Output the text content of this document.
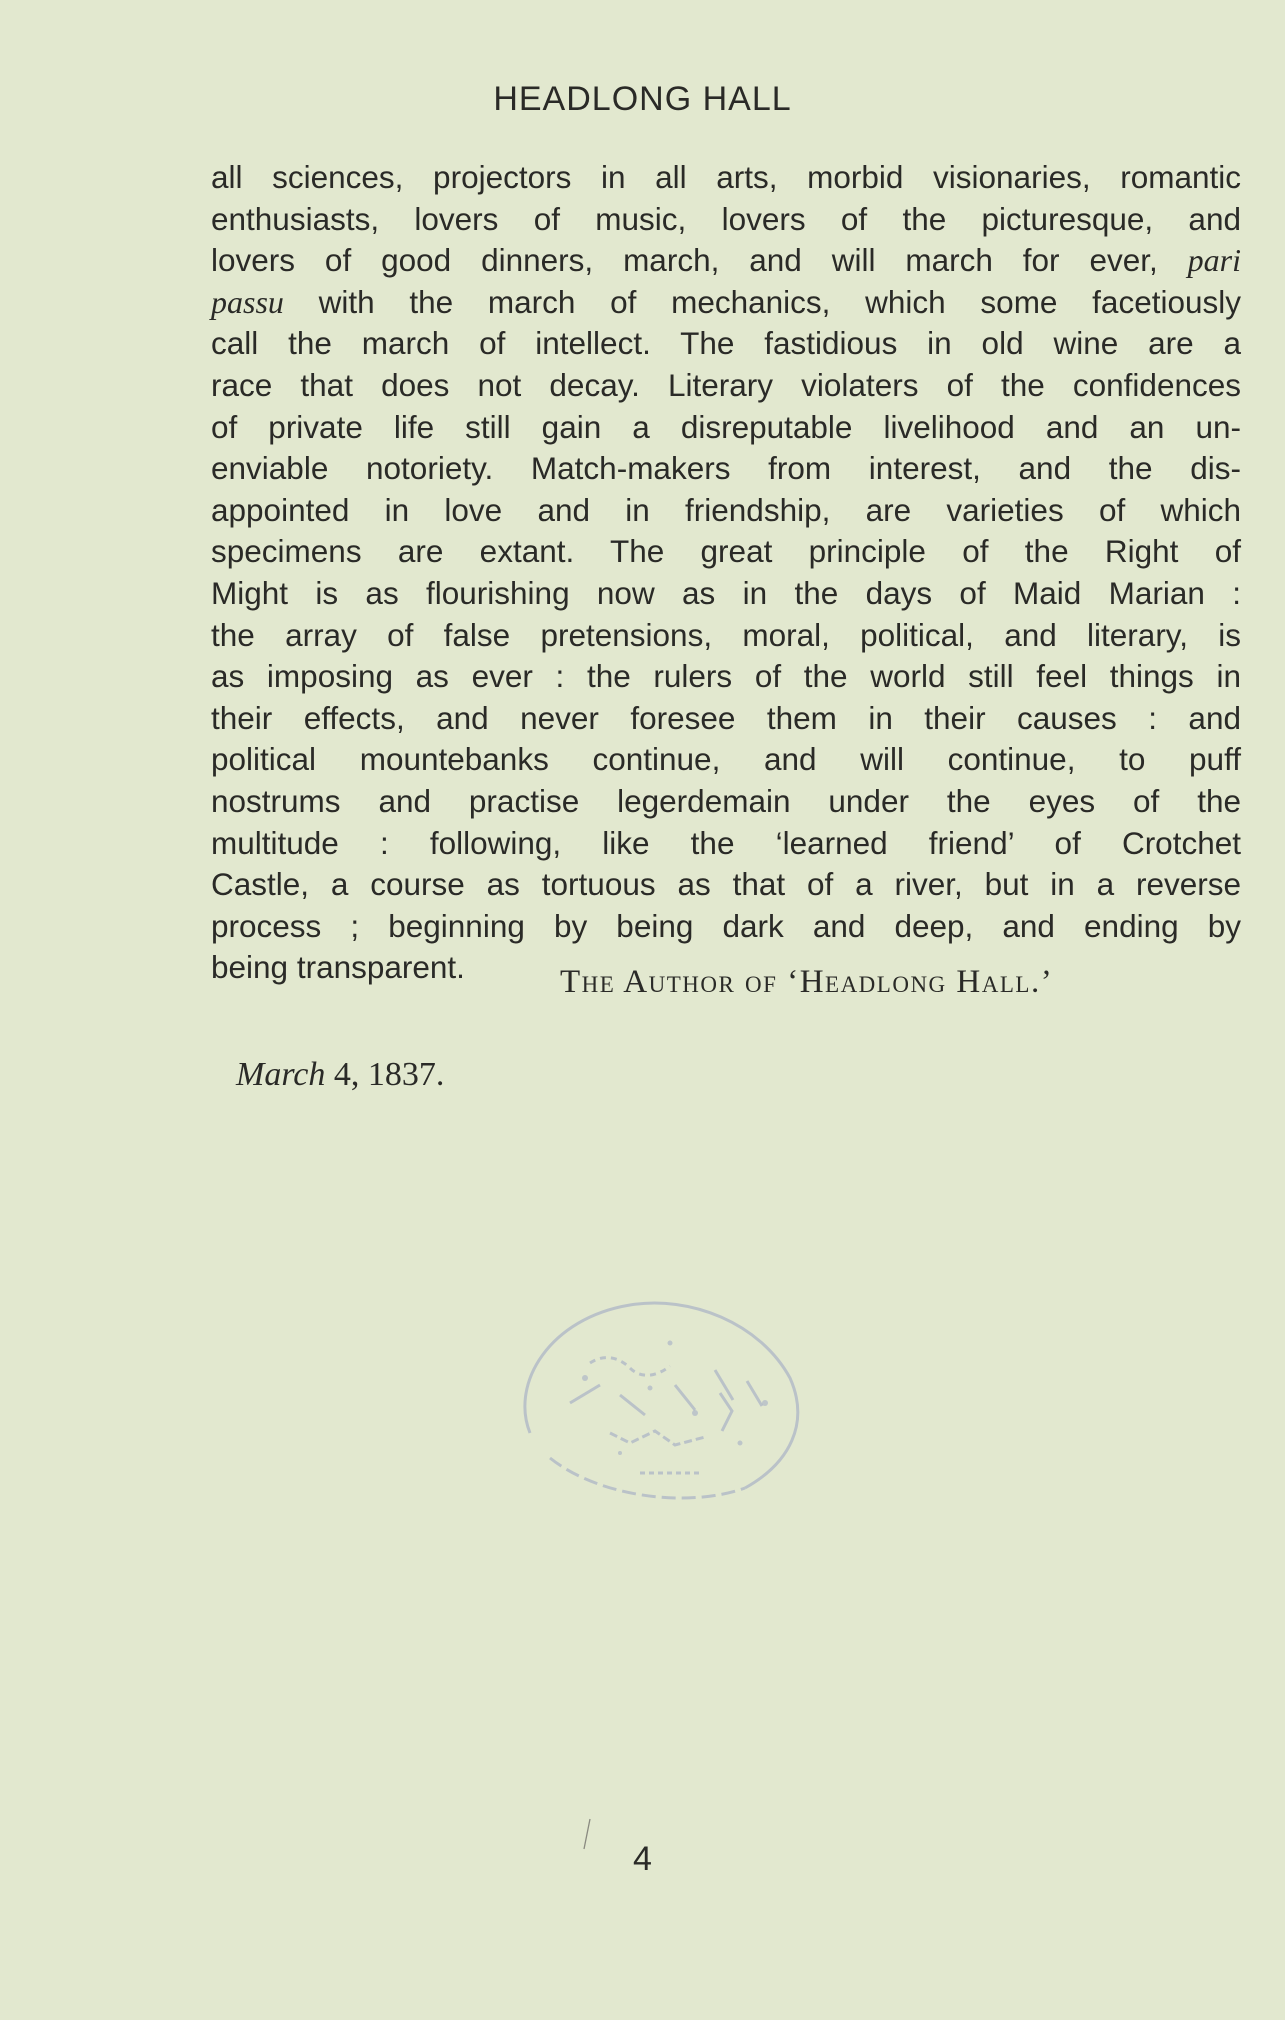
HEADLONG HALL
all sciences, projectors in all arts, morbid visionaries, romantic
enthusiasts, lovers of music, lovers of the picturesque, and
lovers of good dinners, march, and will march for ever, pari
passu with the march of mechanics, which some facetiously
call the march of intellect. The fastidious in old wine are a
race that does not decay. Literary violaters of the confidences
of private life still gain a disreputable livelihood and an un-
enviable notoriety. Match-makers from interest, and the dis-
appointed in love and in friendship, are varieties of which
specimens are extant. The great principle of the Right of
Might is as flourishing now as in the days of Maid Marian :
the array of false pretensions, moral, political, and literary, is
as imposing as ever : the rulers of the world still feel things in
their effects, and never foresee them in their causes : and
political mountebanks continue, and will continue, to puff
nostrums and practise legerdemain under the eyes of the
multitude : following, like the ‘learned friend’ of Crotchet
Castle, a course as tortuous as that of a river, but in a reverse
process ; beginning by being dark and deep, and ending by
being transparent.	The Author of ‘Headlong Hall.’
March 4, 1837.
4
